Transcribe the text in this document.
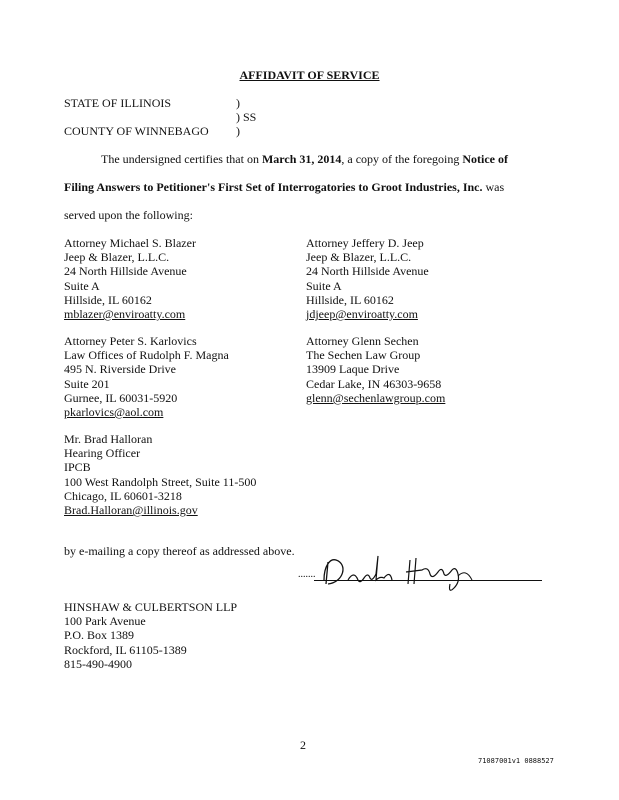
AFFIDAVIT OF SERVICE
STATE OF ILLINOIS
COUNTY OF WINNEBAGO
)
) SS
)
The undersigned certifies that on March 31, 2014, a copy of the foregoing Notice of
Filing Answers to Petitioner's First Set of Interrogatories to Groot Industries, Inc. was
served upon the following:
Attorney Michael S. Blazer
Jeep & Blazer, L.L.C.
24 North Hillside Avenue
Suite A
Hillside, IL 60162
mblazer@enviroatty.com
Attorney Jeffery D. Jeep
Jeep & Blazer, L.L.C.
24 North Hillside Avenue
Suite A
Hillside, IL 60162
jdjeep@enviroatty.com
Attorney Peter S. Karlovics
Law Offices of Rudolph F. Magna
495 N. Riverside Drive
Suite 201
Gurnee, IL 60031-5920
pkarlovics@aol.com
Attorney Glenn Sechen
The Sechen Law Group
13909 Laque Drive
Cedar Lake, IN 46303-9658
glenn@sechenlawgroup.com
Mr. Brad Halloran
Hearing Officer
IPCB
100 West Randolph Street, Suite 11-500
Chicago, IL 60601-3218
Brad.Halloran@illinois.gov
by e-mailing a copy thereof as addressed above.
.......
HINSHAW & CULBERTSON LLP
100 Park Avenue
P.O. Box 1389
Rockford, IL 61105-1389
815-490-4900
2
71087001v1 0888527
